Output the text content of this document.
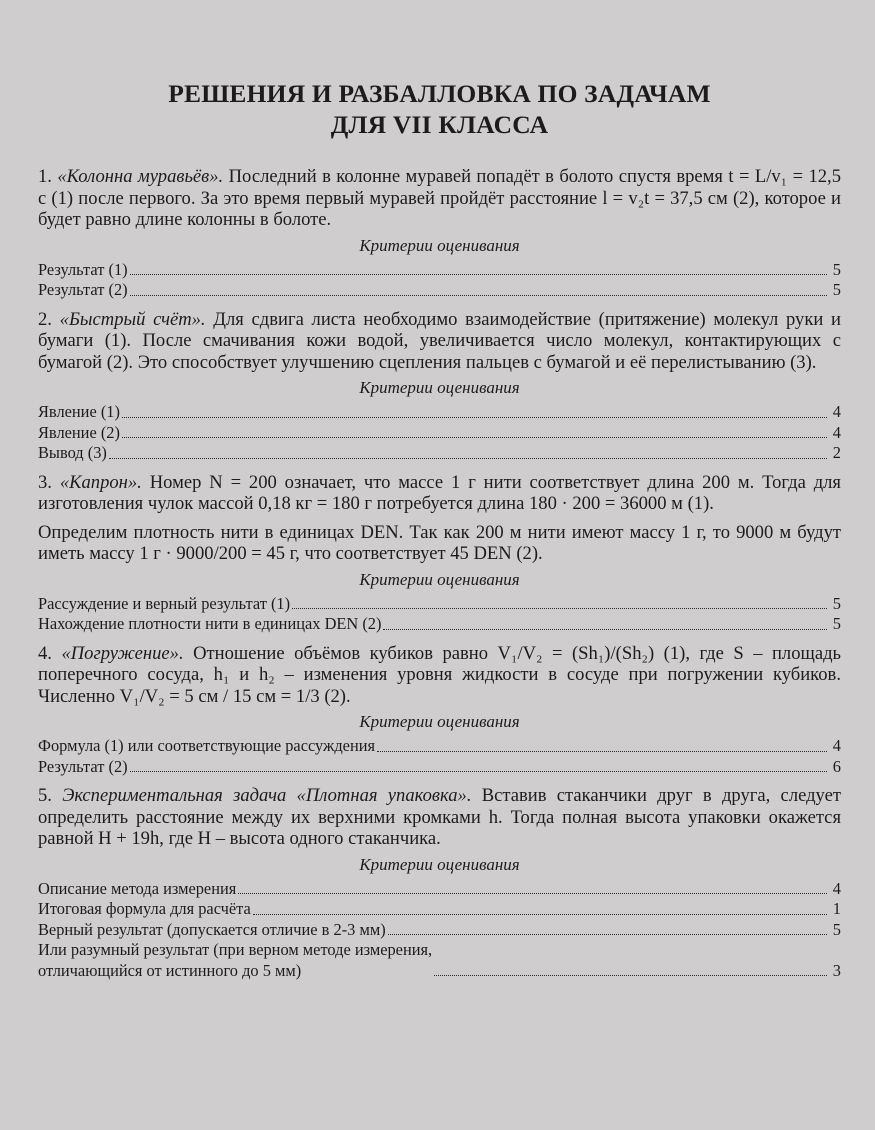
РЕШЕНИЯ И РАЗБАЛЛОВКА ПО ЗАДАЧАМ
ДЛЯ VII КЛАССА

1. «Колонна муравьёв». Последний в колонне муравей попадёт в болото спустя время t = L/v₁ = 12,5 с (1) после первого. За это время первый муравей пройдёт расстояние l = v₂t = 37,5 см (2), которое и будет равно длине колонны в болоте.

Критерии оценивания
Результат (1)	5
Результат (2)	5

2. «Быстрый счёт». Для сдвига листа необходимо взаимодействие (притяжение) молекул руки и бумаги (1). После смачивания кожи водой, увеличивается число молекул, контактирующих с бумагой (2). Это способствует улучшению сцепления пальцев с бумагой и её перелистыванию (3).

Критерии оценивания
Явление (1)	4
Явление (2)	4
Вывод (3)	2

3. «Капрон». Номер N = 200 означает, что массе 1 г нити соответствует длина 200 м. Тогда для изготовления чулок массой 0,18 кг = 180 г потребуется длина 180 · 200 = 36000 м (1).

Определим плотность нити в единицах DEN. Так как 200 м нити имеют массу 1 г, то 9000 м будут иметь массу 1 г · 9000/200 = 45 г, что соответствует 45 DEN (2).

Критерии оценивания
Рассуждение и верный результат (1)	5
Нахождение плотности нити в единицах DEN (2)	5

4. «Погружение». Отношение объёмов кубиков равно V₁/V₂ = (Sh₁)/(Sh₂) (1), где S – площадь поперечного сосуда, h₁ и h₂ – изменения уровня жидкости в сосуде при погружении кубиков. Численно V₁/V₂ = 5 см / 15 см = 1/3 (2).

Критерии оценивания
Формула (1) или соответствующие рассуждения	4
Результат (2)	6

5. Экспериментальная задача «Плотная упаковка». Вставив стаканчики друг в друга, следует определить расстояние между их верхними кромками h. Тогда полная высота упаковки окажется равной H + 19h, где H – высота одного стаканчика.

Критерии оценивания
Описание метода измерения	4
Итоговая формула для расчёта	1
Верный результат (допускается отличие в 2-3 мм)	5
Или разумный результат (при верном методе измерения,
отличающийся от истинного до 5 мм)	3
